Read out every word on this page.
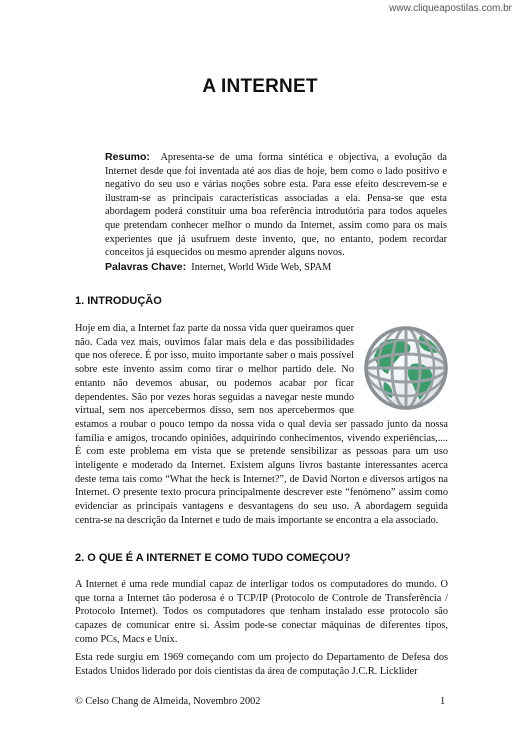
www.cliqueapostilas.com.br
A INTERNET

Resumo: Apresenta-se de uma forma sintética e objectiva, a evolução da Internet desde que foi inventada até aos dias de hoje, bem como o lado positivo e negativo do seu uso e várias noções sobre esta. Para esse efeito descrevem-se e ilustram-se as principais características associadas a ela. Pensa-se que esta abordagem poderá constituir uma boa referência introdutória para todos aqueles que pretendam conhecer melhor o mundo da Internet, assim como para os mais experientes que já usufruem deste invento, que, no entanto, podem recordar conceitos já esquecidos ou mesmo aprender alguns novos.

Palavras Chave: Internet, World Wide Web, SPAM

1. INTRODUÇÃO
Hoje em dia, a Internet faz parte da nossa vida quer queiramos quer não. Cada vez mais, ouvimos falar mais dela e das possibilidades que nos oferece. É por isso, muito importante saber o mais possível sobre este invento assim como tirar o melhor partido dele. No entanto não devemos abusar, ou podemos acabar por ficar dependentes. São por vezes horas seguidas a navegar neste mundo virtual, sem nos apercebermos disso, sem nos apercebermos que estamos a roubar o pouco tempo da nossa vida o qual devia ser passado junto da nossa família e amigos, trocando opiniões, adquirindo conhecimentos, vivendo experiências,.... É com este problema em vista que se pretende sensibilizar as pessoas para um uso inteligente e moderado da Internet. Existem alguns livros bastante interessantes acerca deste tema tais como “What the heck is Internet?”, de David Norton e diversos artigos na Internet. O presente texto procura principalmente descrever este “fenómeno” assim como evidenciar as principais vantagens e desvantagens do seu uso. A abordagem seguida centra-se na descrição da Internet e tudo de mais importante se encontra a ela associado.
2. O QUE É A INTERNET E COMO TUDO COMEÇOU?

A Internet é uma rede mundial capaz de interligar todos os computadores do mundo. O que torna a Internet tão poderosa é o TCP/IP (Protocolo de Controle de Transferência / Protocolo Internet). Todos os computadores que tenham instalado esse protocolo são capazes de comunicar entre si. Assim pode-se conectar máquinas de diferentes tipos, como PCs, Macs e Unix.

Esta rede surgiu em 1969 começando com um projecto do Departamento de Defesa dos Estados Unidos liderado por dois cientistas da área de computação J.C.R. Licklider

© Celso Chang de Almeida, Novembro 2002	1
